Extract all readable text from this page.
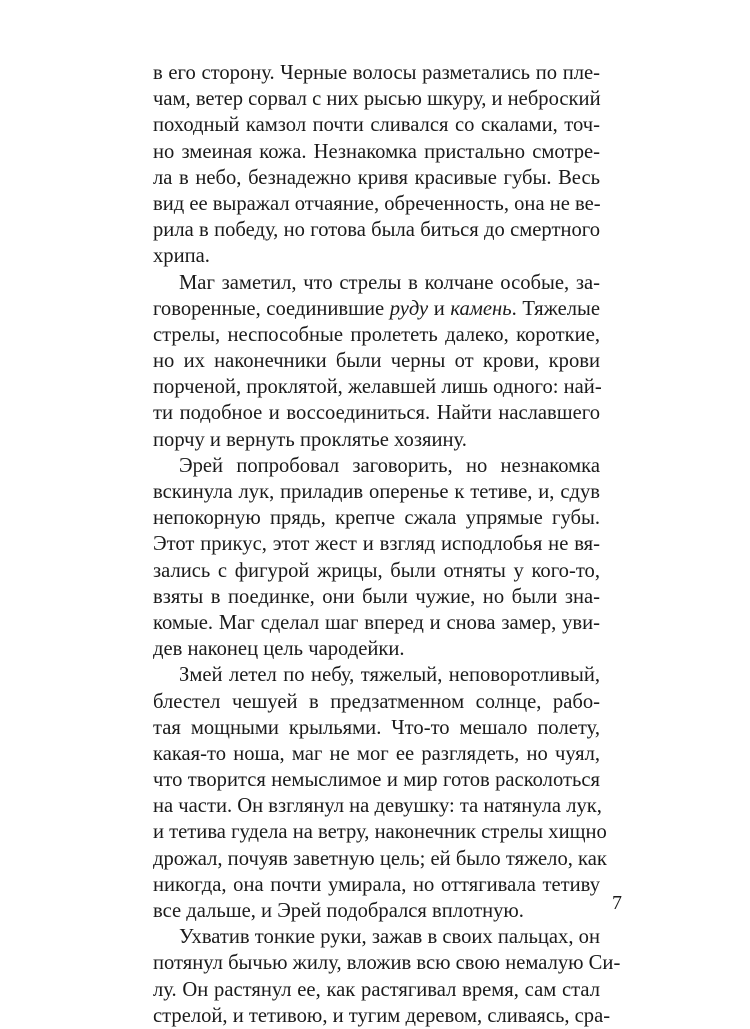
в его сторону. Черные волосы разметались по пле-
чам, ветер сорвал с них рысью шкуру, и неброский
походный камзол почти сливался со скалами, точ-
но змеиная кожа. Незнакомка пристально смотре-
ла в небо, безнадежно кривя красивые губы. Весь
вид ее выражал отчаяние, обреченность, она не ве-
рила в победу, но готова была биться до смертного
хрипа.
Маг заметил, что стрелы в колчане особые, за-
говоренные, соединившие руду и камень. Тяжелые
стрелы, неспособные пролететь далеко, короткие,
но их наконечники были черны от крови, крови
порченой, проклятой, желавшей лишь одного: най-
ти подобное и воссоединиться. Найти наславшего
порчу и вернуть проклятье хозяину.
Эрей попробовал заговорить, но незнакомка
вскинула лук, приладив оперенье к тетиве, и, сдув
непокорную прядь, крепче сжала упрямые губы.
Этот прикус, этот жест и взгляд исподлобья не вя-
зались с фигурой жрицы, были отняты у кого-то,
взяты в поединке, они были чужие, но были зна-
комые. Маг сделал шаг вперед и снова замер, уви-
дев наконец цель чародейки.
Змей летел по небу, тяжелый, неповоротливый,
блестел чешуей в предзатменном солнце, рабо-
тая мощными крыльями. Что-то мешало полету,
какая-то ноша, маг не мог ее разглядеть, но чуял,
что творится немыслимое и мир готов расколоться
на части. Он взглянул на девушку: та натянула лук,
и тетива гудела на ветру, наконечник стрелы хищно
дрожал, почуяв заветную цель; ей было тяжело, как
никогда, она почти умирала, но оттягивала тетиву
все дальше, и Эрей подобрался вплотную.
Ухватив тонкие руки, зажав в своих пальцах, он
потянул бычью жилу, вложив всю свою немалую Си-
лу. Он растянул ее, как растягивал время, сам стал
стрелой, и тетивою, и тугим деревом, сливаясь, сра-
7
